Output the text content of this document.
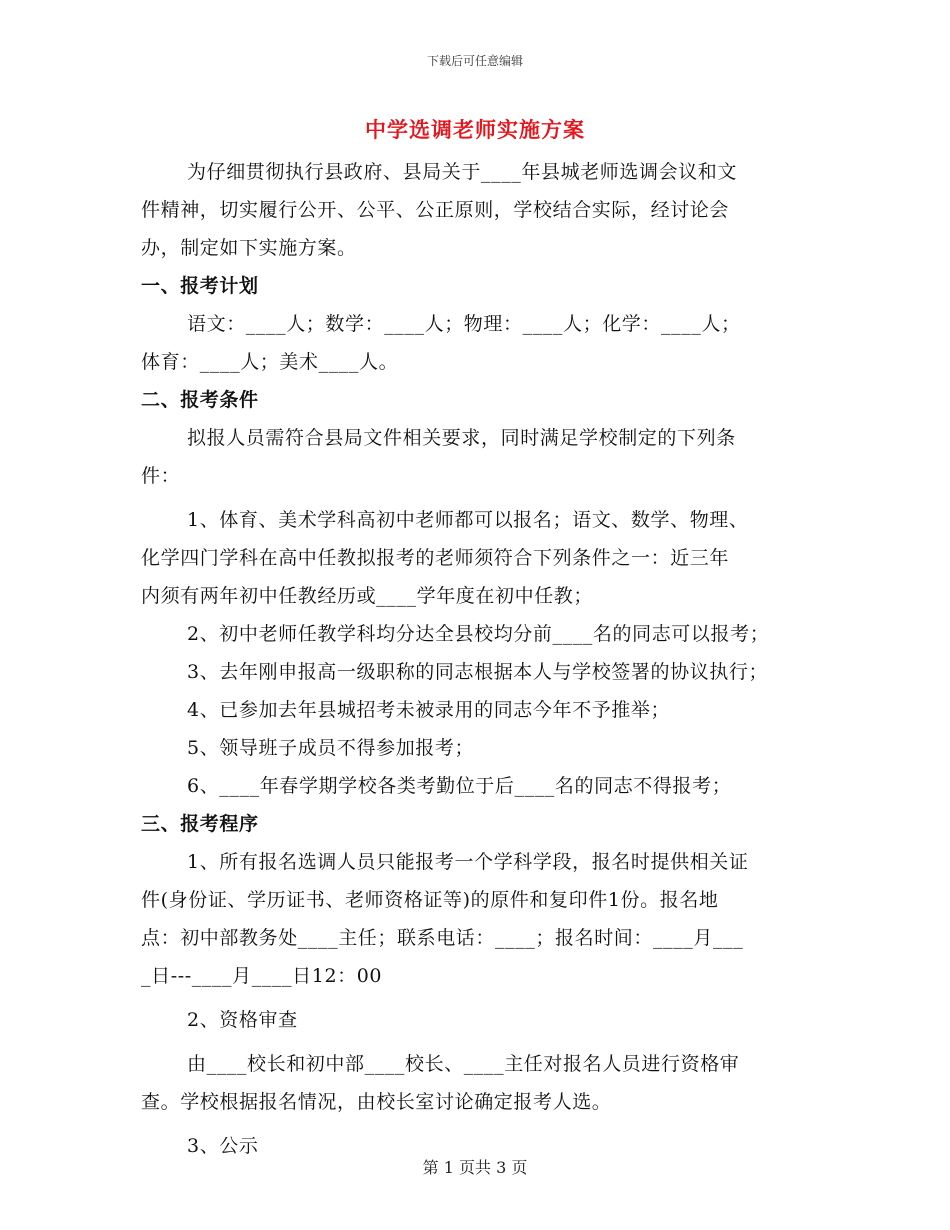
下载后可任意编辑
中学选调老师实施方案
为仔细贯彻执行县政府、县局关于____年县城老师选调会议和文
件精神，切实履行公开、公平、公正原则，学校结合实际，经讨论会
办，制定如下实施方案。
一、报考计划
语文：____人；数学：____人；物理：____人；化学：____人；
体育：____人；美术____人。
二、报考条件
拟报人员需符合县局文件相关要求，同时满足学校制定的下列条
件：
1、体育、美术学科高初中老师都可以报名；语文、数学、物理、
化学四门学科在高中任教拟报考的老师须符合下列条件之一：近三年
内须有两年初中任教经历或____学年度在初中任教；
2、初中老师任教学科均分达全县校均分前____名的同志可以报考；
3、去年刚申报高一级职称的同志根据本人与学校签署的协议执行；
4、已参加去年县城招考未被录用的同志今年不予推举；
5、领导班子成员不得参加报考；
6、____年春学期学校各类考勤位于后____名的同志不得报考；
三、报考程序
1、所有报名选调人员只能报考一个学科学段，报名时提供相关证
件(身份证、学历证书、老师资格证等)的原件和复印件1份。报名地
点：初中部教务处____主任；联系电话：____；报名时间：____月___
_日---____月____日12：00
2、资格审查
由____校长和初中部____校长、____主任对报名人员进行资格审
查。学校根据报名情况，由校长室讨论确定报考人选。
3、公示
第 1 页共 3 页
